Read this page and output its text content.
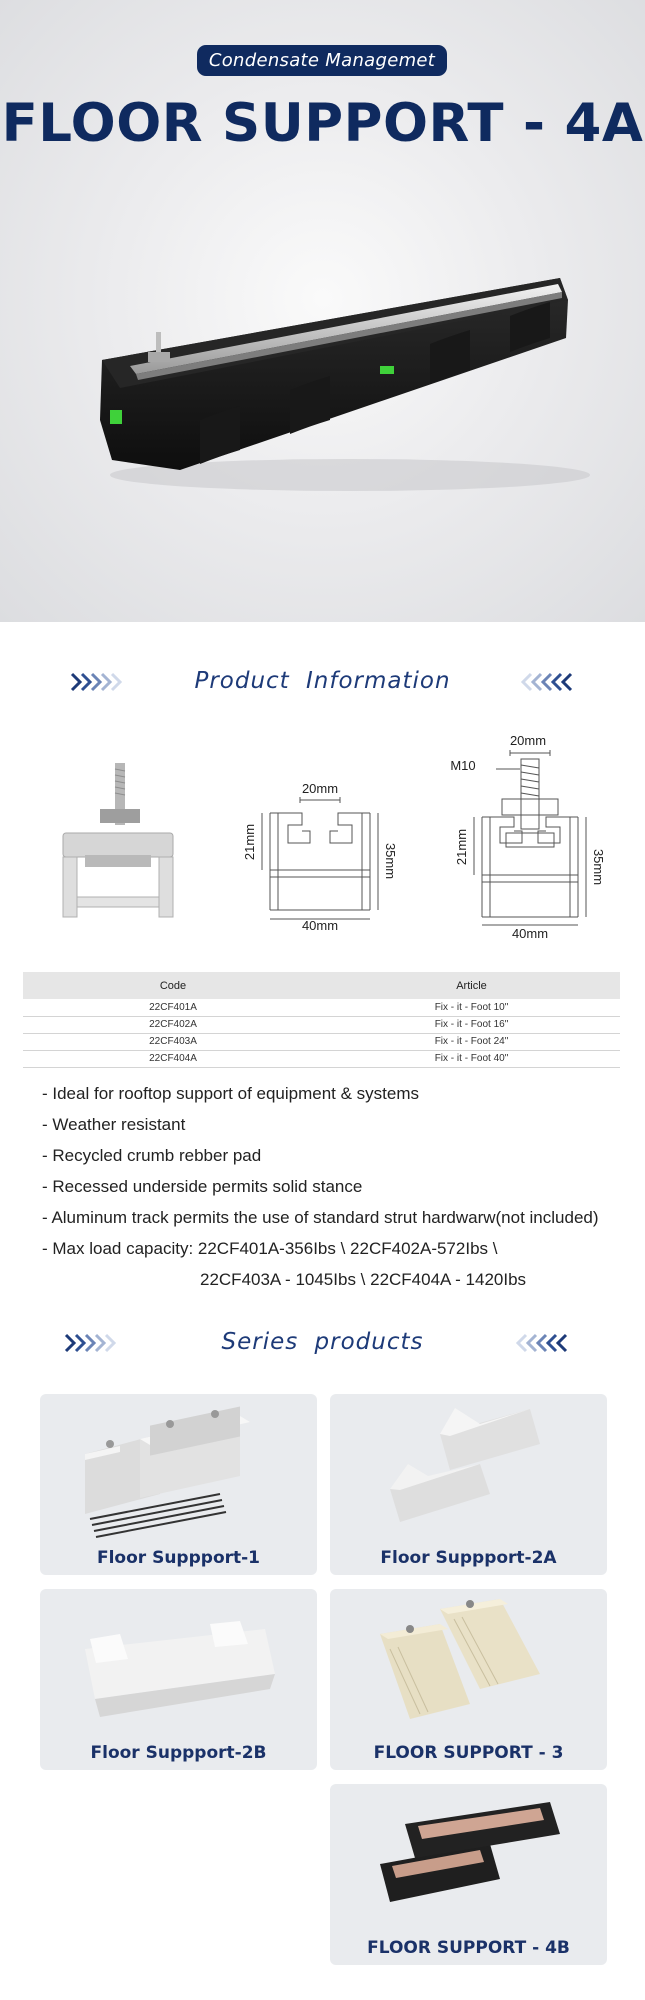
Condensate Managemet
FLOOR SUPPORT - 4A
Product Information
20mm
21mm
35mm
40mm
20mm
M10
21mm
35mm
40mm
Code	Article
22CF401A	Fix - it - Foot 10"
22CF402A	Fix - it - Foot 16"
22CF403A	Fix - it - Foot 24"
22CF404A	Fix - it - Foot 40"

- Ideal for rooftop support of equipment & systems

- Weather resistant

- Recycled crumb rebber pad

- Recessed underside permits solid stance

- Aluminum track permits the use of standard strut hardwarw(not included)

- Max load capacity: 22CF401A-356Ibs \ 22CF402A-572Ibs \

22CF403A - 1045Ibs \ 22CF404A - 1420Ibs

Series products
Floor Suppport-1	Floor Suppport-2A
Floor Suppport-2B	FLOOR SUPPORT - 3
FLOOR SUPPORT - 4B
